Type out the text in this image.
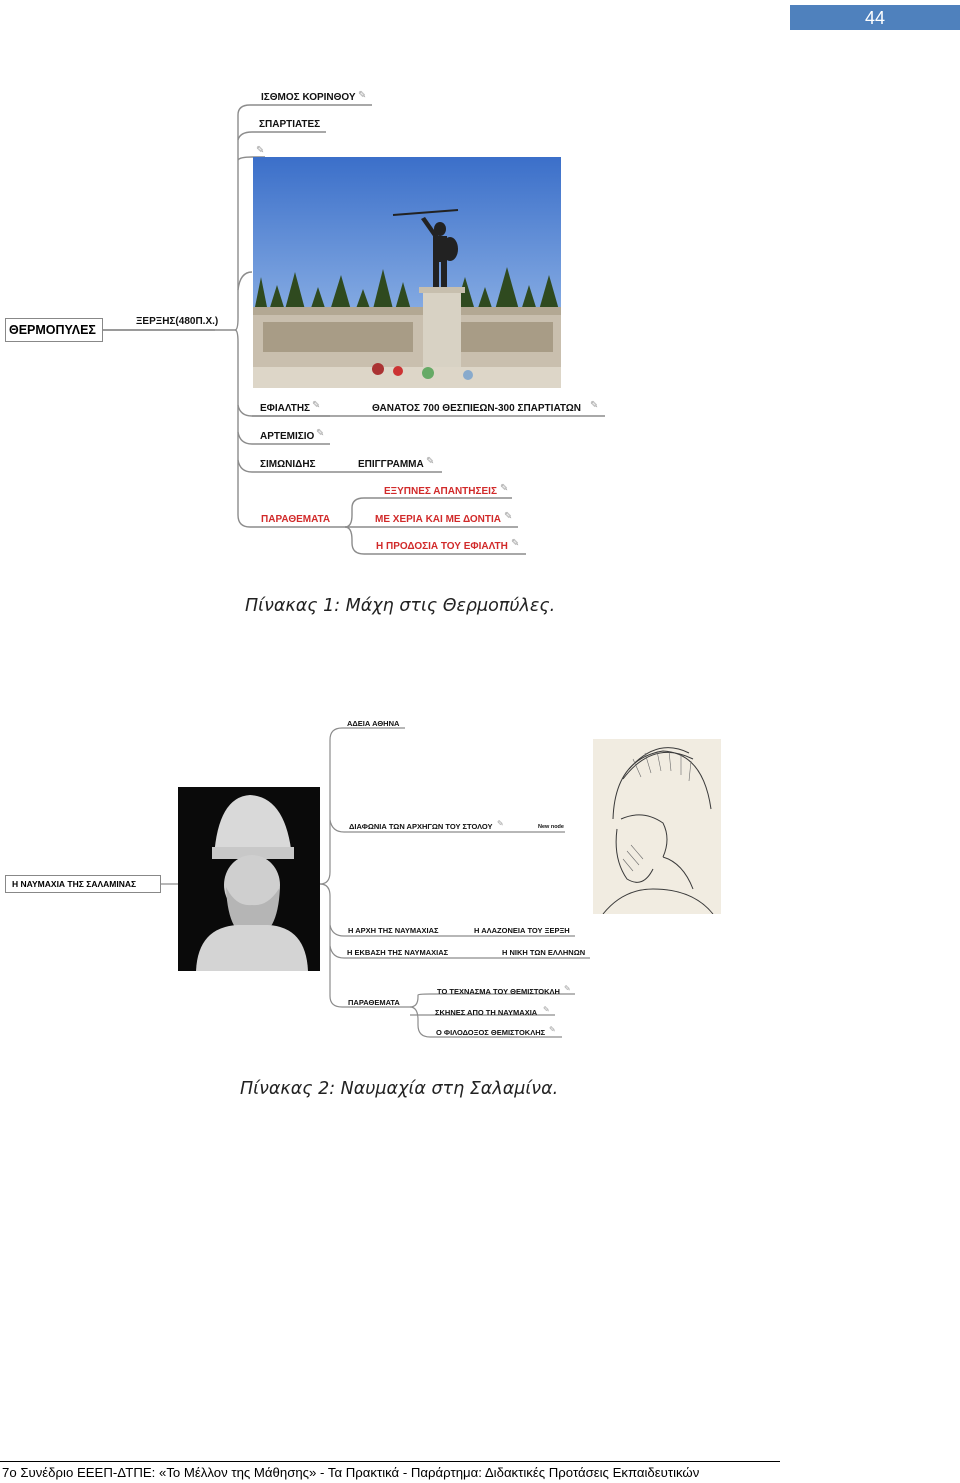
44
ΘΕΡΜΟΠΥΛΕΣ
ΞΕΡΞΗΣ(480Π.Χ.)
ΙΣΘΜΟΣ ΚΟΡΙΝΘΟΥ ✎
ΣΠΑΡΤΙΑΤΕΣ
✎
ΕΦΙΑΛΤΗΣ ✎	ΘΑΝΑΤΟΣ 700 ΘΕΣΠΙΕΩΝ-300 ΣΠΑΡΤΙΑΤΩΝ ✎
ΑΡΤΕΜΙΣΙΟ ✎
ΣΙΜΩΝΙΔΗΣ	ΕΠΙΓΓΡΑΜΜΑ ✎
ΠΑΡΑΘΕΜΑΤΑ
ΕΞΥΠΝΕΣ ΑΠΑΝΤΗΣΕΙΣ ✎
ΜΕ ΧΕΡΙΑ ΚΑΙ ΜΕ ΔΟΝΤΙΑ ✎
Η ΠΡΟΔΟΣΙΑ ΤΟΥ ΕΦΙΑΛΤΗ ✎
Πίνακας 1: Μάχη στις Θερμοπύλες.
Η ΝΑΥΜΑΧΙΑ ΤΗΣ ΣΑΛΑΜΙΝΑΣ
ΑΔΕΙΑ ΑΘΗΝΑ
ΔΙΑΦΩΝΙΑ ΤΩΝ ΑΡΧΗΓΩΝ ΤΟΥ ΣΤΟΛΟΥ ✎	New node
Η ΑΡΧΗ ΤΗΣ ΝΑΥΜΑΧΙΑΣ	Η ΑΛΑΖΟΝΕΙΑ ΤΟΥ ΞΕΡΞΗ
Η ΕΚΒΑΣΗ ΤΗΣ ΝΑΥΜΑΧΙΑΣ	Η ΝΙΚΗ ΤΩΝ ΕΛΛΗΝΩΝ
ΠΑΡΑΘΕΜΑΤΑ
ΤΟ ΤΕΧΝΑΣΜΑ ΤΟΥ ΘΕΜΙΣΤΟΚΛΗ ✎
ΣΚΗΝΕΣ ΑΠΟ ΤΗ ΝΑΥΜΑΧΙΑ ✎
Ο ΦΙΛΟΔΟΞΟΣ ΘΕΜΙΣΤΟΚΛΗΣ ✎
Πίνακας 2: Ναυμαχία στη Σαλαμίνα.
7ο Συνέδριο ΕΕΕΠ-ΔΤΠΕ: «Το Μέλλον της Μάθησης» - Τα Πρακτικά - Παράρτημα: Διδακτικές Προτάσεις Εκπαιδευτικών
